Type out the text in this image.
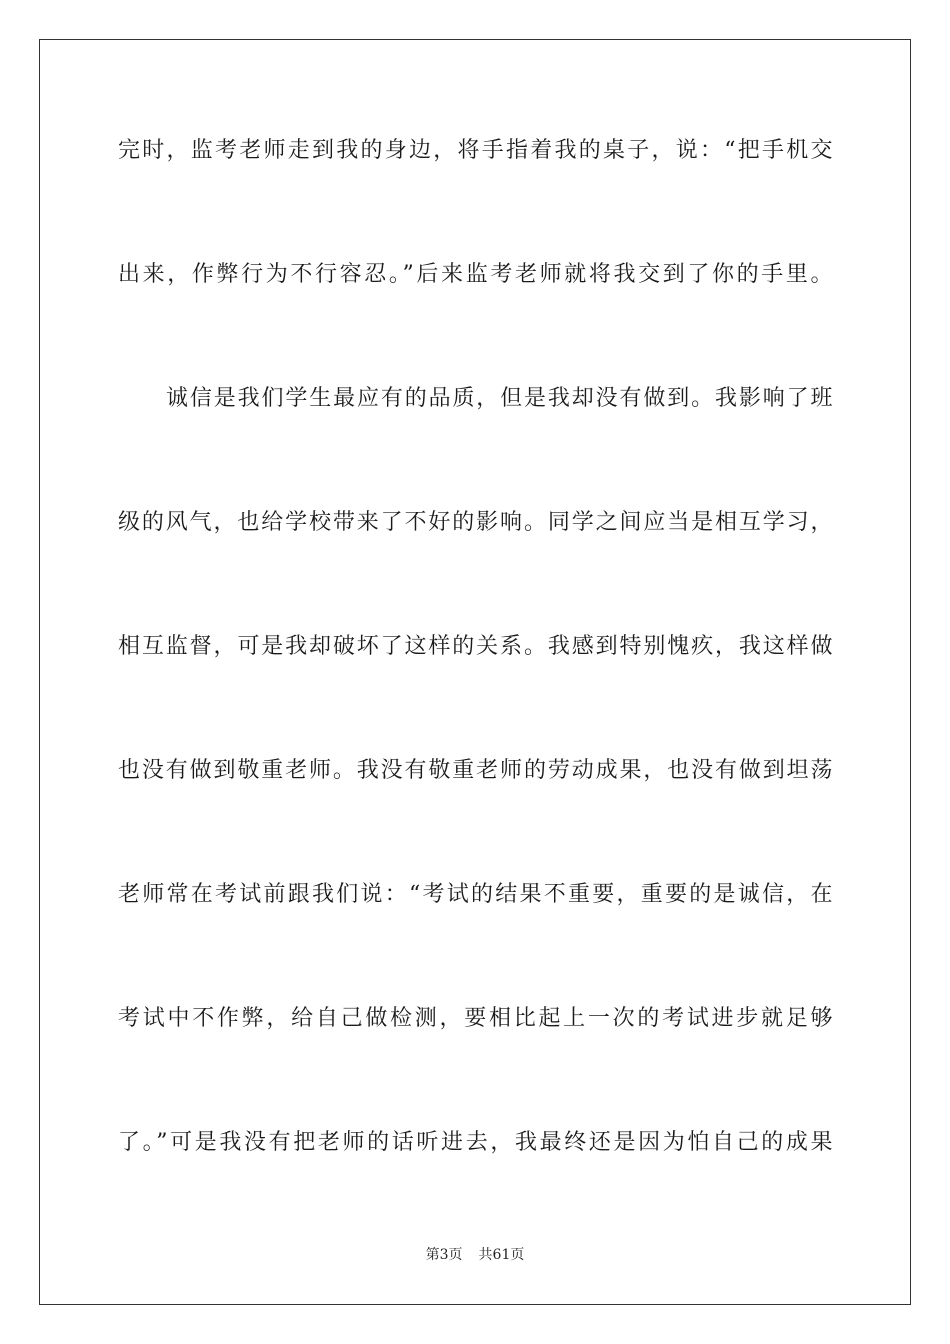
完时，监考老师走到我的身边，将手指着我的桌子，说：“把手机交
出来，作弊行为不行容忍。”后来监考老师就将我交到了你的手里。
诚信是我们学生最应有的品质，但是我却没有做到。我影响了班
级的风气，也给学校带来了不好的影响。同学之间应当是相互学习，
相互监督，可是我却破坏了这样的关系。我感到特别愧疚，我这样做
也没有做到敬重老师。我没有敬重老师的劳动成果，也没有做到坦荡
老师常在考试前跟我们说：“考试的结果不重要，重要的是诚信，在
考试中不作弊，给自己做检测，要相比起上一次的考试进步就足够
了。”可是我没有把老师的话听进去，我最终还是因为怕自己的成果
第3页 共61页
